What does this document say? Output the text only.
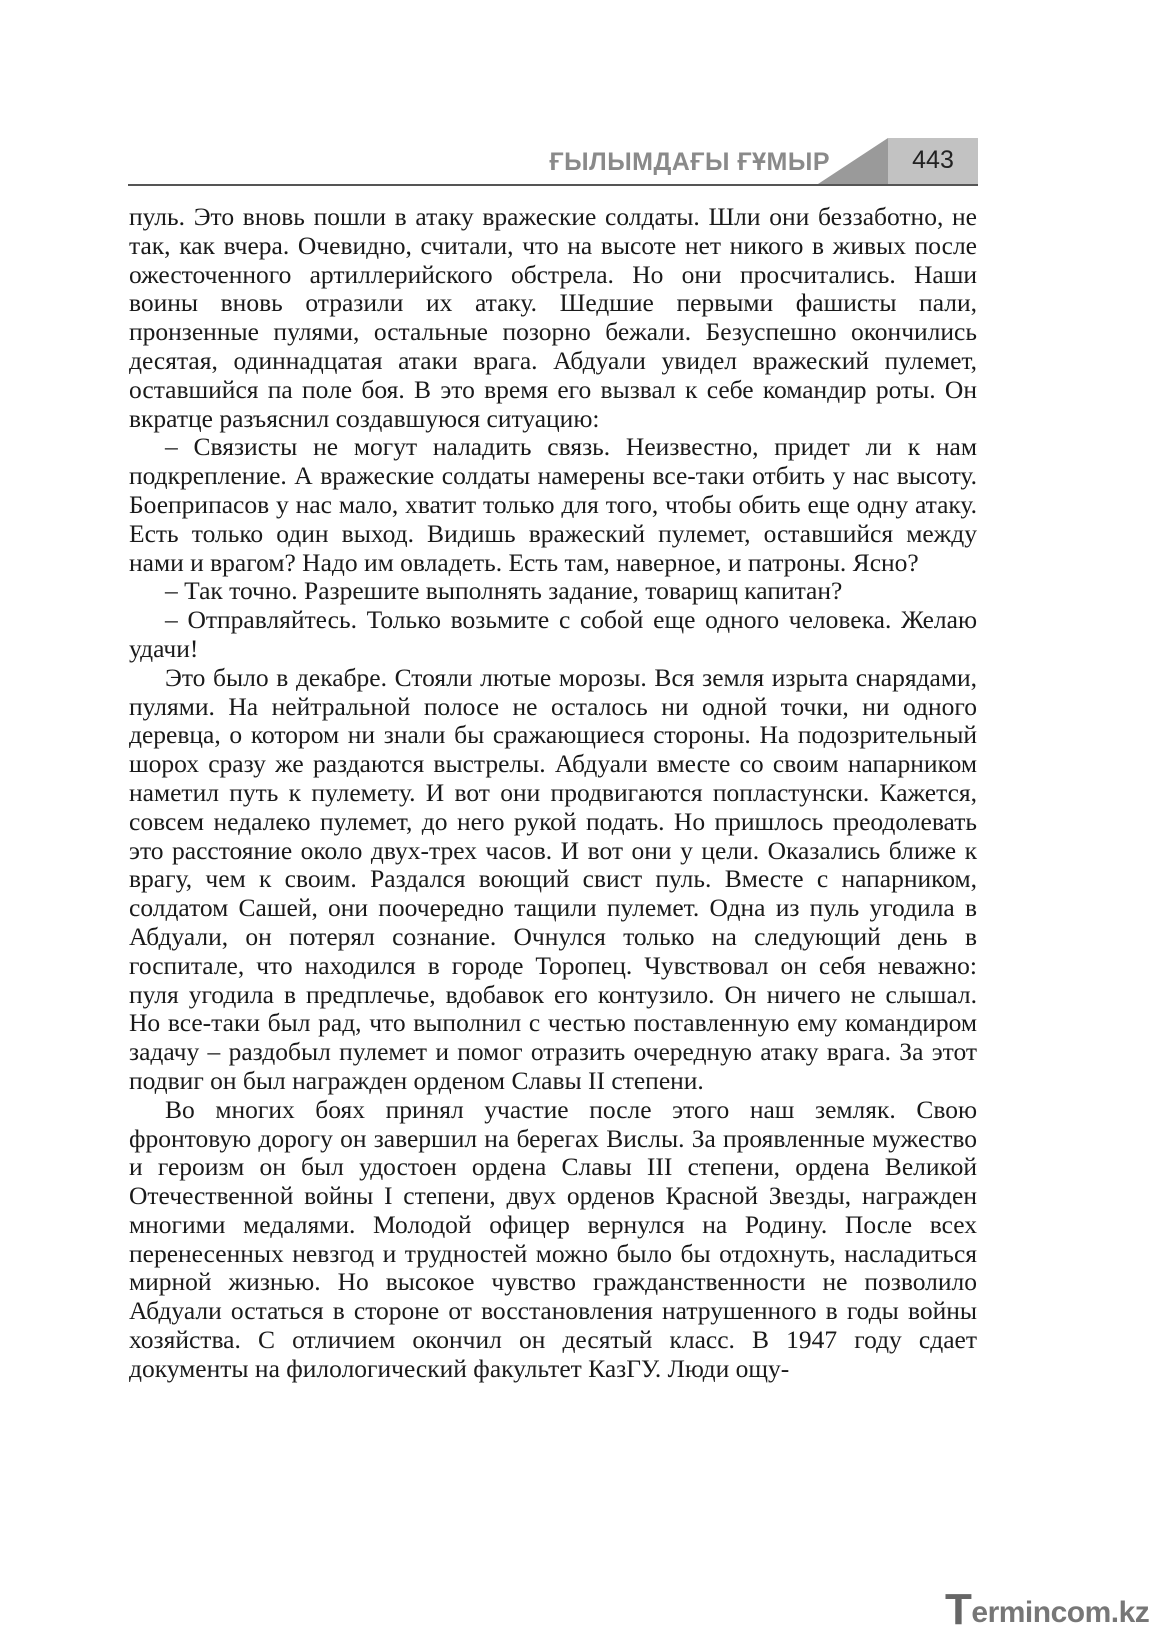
ҒЫЛЫМДАҒЫ ҒҰМЫР	443

пуль. Это вновь пошли в атаку вражеские солдаты. Шли они беззаботно, не так, как вчера. Очевидно, считали, что на высоте нет никого в живых после ожесточенного артиллерийского обстрела. Но они просчитались. Наши воины вновь отразили их атаку. Шедшие первыми фашисты пали, пронзенные пулями, остальные позорно бежали. Безуспешно окончились десятая, одиннадцатая атаки врага. Абдуали увидел вражеский пулемет, оставшийся па поле боя. В это время его вызвал к себе командир роты. Он вкратце разъяснил создавшуюся ситуацию:

– Связисты не могут наладить связь. Неизвестно, придет ли к нам подкрепление. А вражеские солдаты намерены все-таки отбить у нас высоту. Боеприпасов у нас мало, хватит только для того, чтобы обить еще одну атаку. Есть только один выход. Видишь вражеский пулемет, оставшийся между нами и врагом? Надо им овладеть. Есть там, наверное, и патроны. Ясно?

– Так точно. Разрешите выполнять задание, товарищ капитан?

– Отправляйтесь. Только возьмите с собой еще одного человека. Желаю удачи!

Это было в декабре. Стояли лютые морозы. Вся земля изрыта снарядами, пулями. На нейтральной полосе не осталось ни одной точки, ни одного деревца, о котором ни знали бы сражающиеся стороны. На подозрительный шорох сразу же раздаются выстрелы. Абдуали вместе со своим напарником наметил путь к пулемету. И вот они продвигаются попластунски. Кажется, совсем недалеко пулемет, до него рукой подать. Но пришлось преодолевать это расстояние около двух-трех часов. И вот они у цели. Оказались ближе к врагу, чем к своим. Раздался воющий свист пуль. Вместе с напарником, солдатом Сашей, они поочередно тащили пулемет. Одна из пуль угодила в Абдуали, он потерял сознание. Очнулся только на следующий день в госпитале, что находился в городе Торопец. Чувствовал он себя неважно: пуля угодила в предплечье, вдобавок его контузило. Он ничего не слышал. Но все-таки был рад, что выполнил с честью поставленную ему командиром задачу – раздобыл пулемет и помог отразить очередную атаку врага. За этот подвиг он был награжден орденом Славы II степени.

Во многих боях принял участие после этого наш земляк. Свою фронтовую дорогу он завершил на берегах Вислы. За проявленные мужество и героизм он был удостоен ордена Славы III степени, ордена Великой Отечественной войны I степени, двух орденов Красной Звезды, награжден многими медалями. Молодой офицер вернулся на Родину. После всех перенесенных невзгод и трудностей можно было бы отдохнуть, насладиться мирной жизнью. Но высокое чувство гражданственности не позволило Абдуали остаться в стороне от восстановления натрушенного в годы войны хозяйства. С отличием окончил он десятый класс. В 1947 году сдает документы на филологический факультет КазГУ. Люди ощу-

Termincom.kz
